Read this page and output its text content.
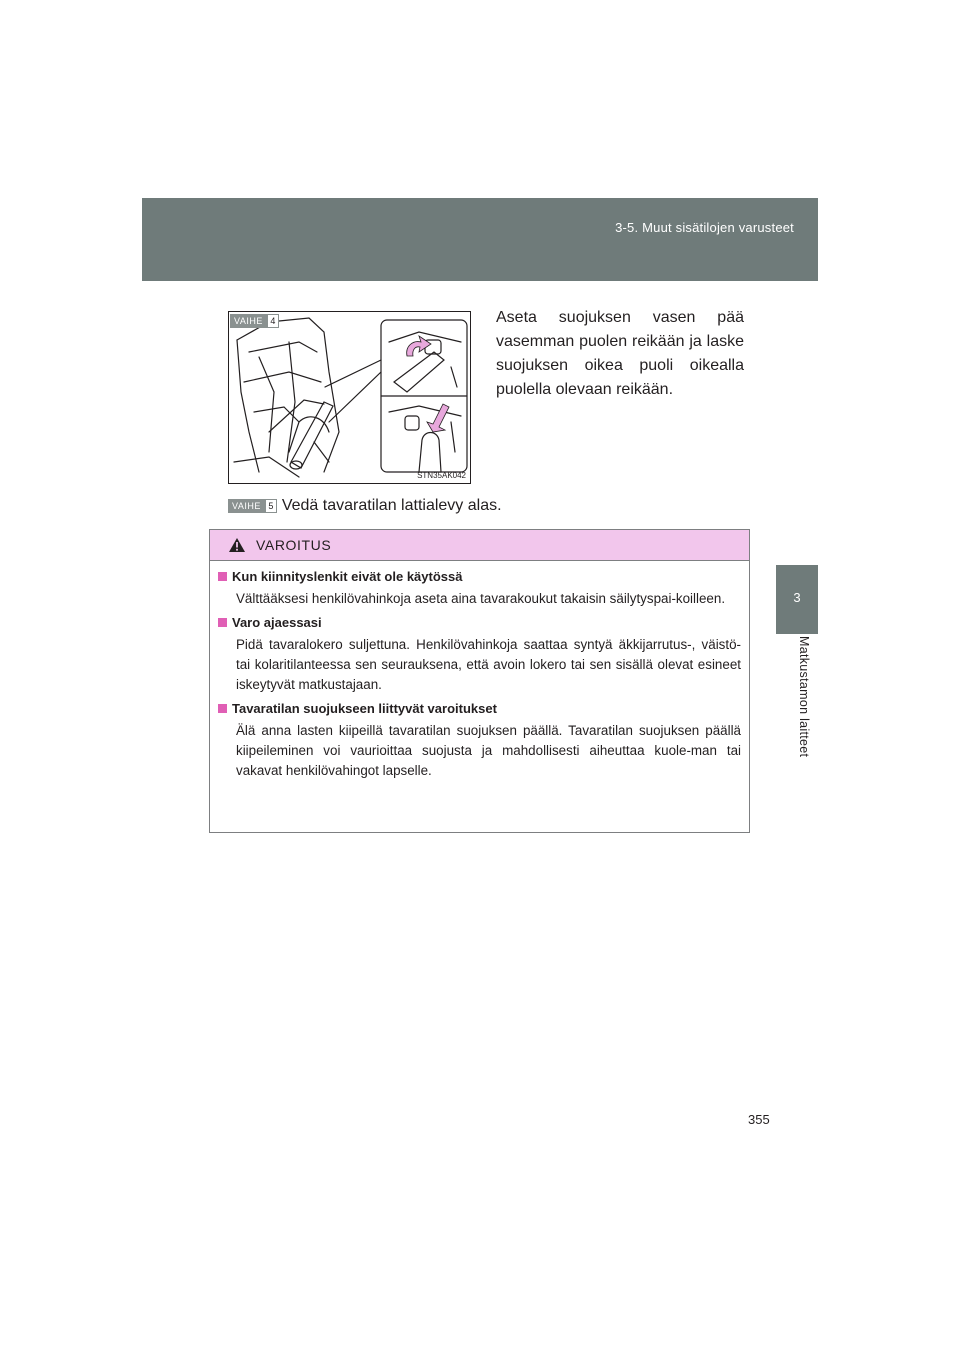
3-5. Muut sisätilojen varusteet
3
Matkustamon laitteet
VAIHE 4
STN35AK042
Aseta suojuksen vasen pää vasemman puolen reikään ja laske suojuksen oikea puoli oikealla puolella olevaan reikään.
VAIHE 5 Vedä tavaratilan lattialevy alas.
VAROITUS
Kun kiinnityslenkit eivät ole käytössä
Välttääksesi henkilövahinkoja aseta aina tavarakoukut takaisin säilytyspai-koilleen.
Varo ajaessasi
Pidä tavaralokero suljettuna. Henkilövahinkoja saattaa syntyä äkkijarrutus-, väistö- tai kolaritilanteessa sen seurauksena, että avoin lokero tai sen sisällä olevat esineet iskeytyvät matkustajaan.
Tavaratilan suojukseen liittyvät varoitukset
Älä anna lasten kiipeillä tavaratilan suojuksen päällä. Tavaratilan suojuksen päällä kiipeileminen voi vaurioittaa suojusta ja mahdollisesti aiheuttaa kuole-man tai vakavat henkilövahingot lapselle.
355
